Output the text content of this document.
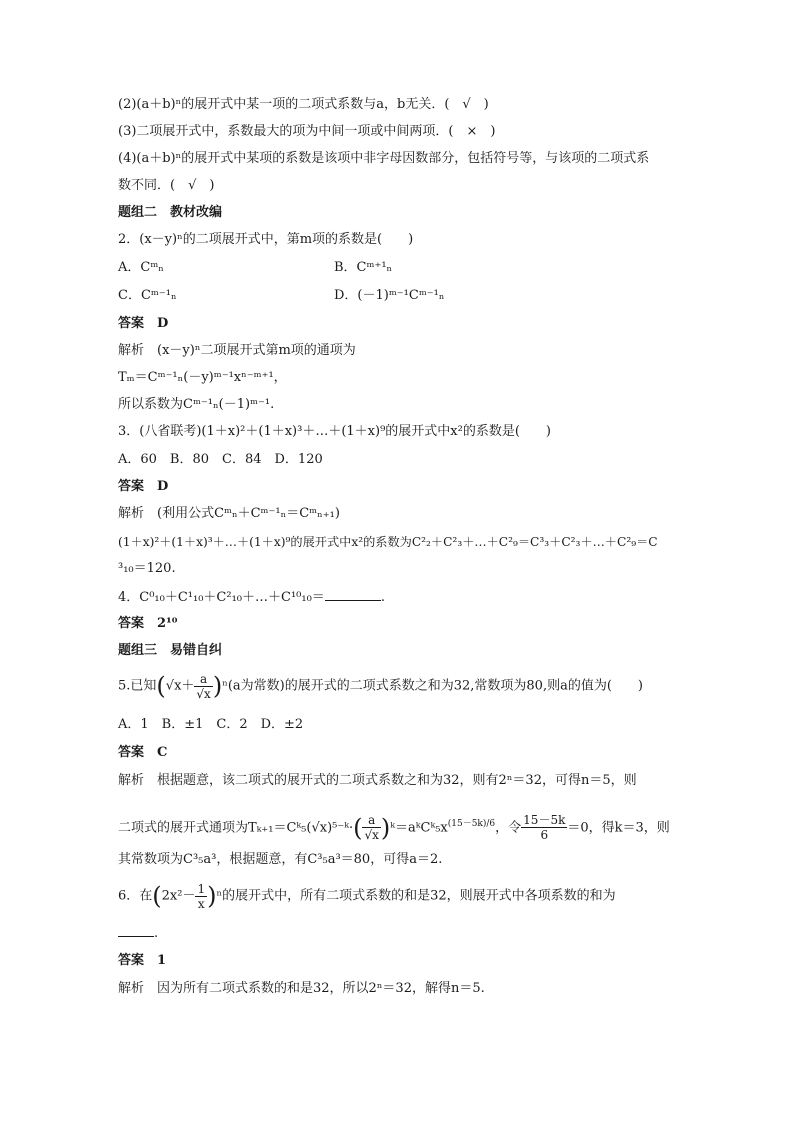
(2)(a＋b)ⁿ的展开式中某一项的二项式系数与a，b无关．(　√　)
(3)二项展开式中，系数最大的项为中间一项或中间两项．(　×　)
(4)(a＋b)ⁿ的展开式中某项的系数是该项中非字母因数部分，包括符号等，与该项的二项式系
数不同．(　√　)
题组二　教材改编
2．(x－y)ⁿ的二项展开式中，第m项的系数是(　　)
A．Cᵐₙ	B．Cᵐ⁺¹ₙ
C．Cᵐ⁻¹ₙ	D．(－1)ᵐ⁻¹Cᵐ⁻¹ₙ
答案　D
解析　(x－y)ⁿ二项展开式第m项的通项为
Tₘ＝Cᵐ⁻¹ₙ(－y)ᵐ⁻¹xⁿ⁻ᵐ⁺¹，
所以系数为Cᵐ⁻¹ₙ(－1)ᵐ⁻¹.
3．(八省联考)(1＋x)²＋(1＋x)³＋…＋(1＋x)⁹的展开式中x²的系数是(　　)
A．60　B．80　C．84　D．120
答案　D
解析　(利用公式Cᵐₙ＋Cᵐ⁻¹ₙ＝Cᵐₙ₊₁)
(1＋x)²＋(1＋x)³＋…＋(1＋x)⁹的展开式中x²的系数为C²₂＋C²₃＋…＋C²₉＝C³₃＋C²₃＋…＋C²₉＝C
³₁₀＝120.
4．C⁰₁₀＋C¹₁₀＋C²₁₀＋…＋C¹⁰₁₀＝	.
答案　2¹⁰
题组三　易错自纠
5.已知$(√x+ \frac{a}{√x} )^n(a$为常数)的展开式的二项式系数之和为32,常数项为80,则a的值为(　　)
A．1　B．±1　C．2　D．±2
答案　C
解析　根据题意，该二项式的展开式的二项式系数之和为32，则有2ⁿ＝32，可得n＝5，则
二项式的展开式通项为Tₖ₊₁＝Cᵏ₅(√x)⁵⁻ᵏ·( $\frac{a}{√x}$ )$ᵏ=aᵏCᵏ_5x^{(15-5k)/6}$，令 $\frac{15-5k}{6} =0$，得k＝3，则
其常数项为C³₅a³，根据题意，有C³₅a³＝80，可得a＝2.
6．在$(2x^2- \frac{1}{x} )^n$的展开式中，所有二项式系数的和是32，则展开式中各项系数的和为
.
答案　1
解析　因为所有二项式系数的和是32，所以2ⁿ＝32，解得n＝5.
